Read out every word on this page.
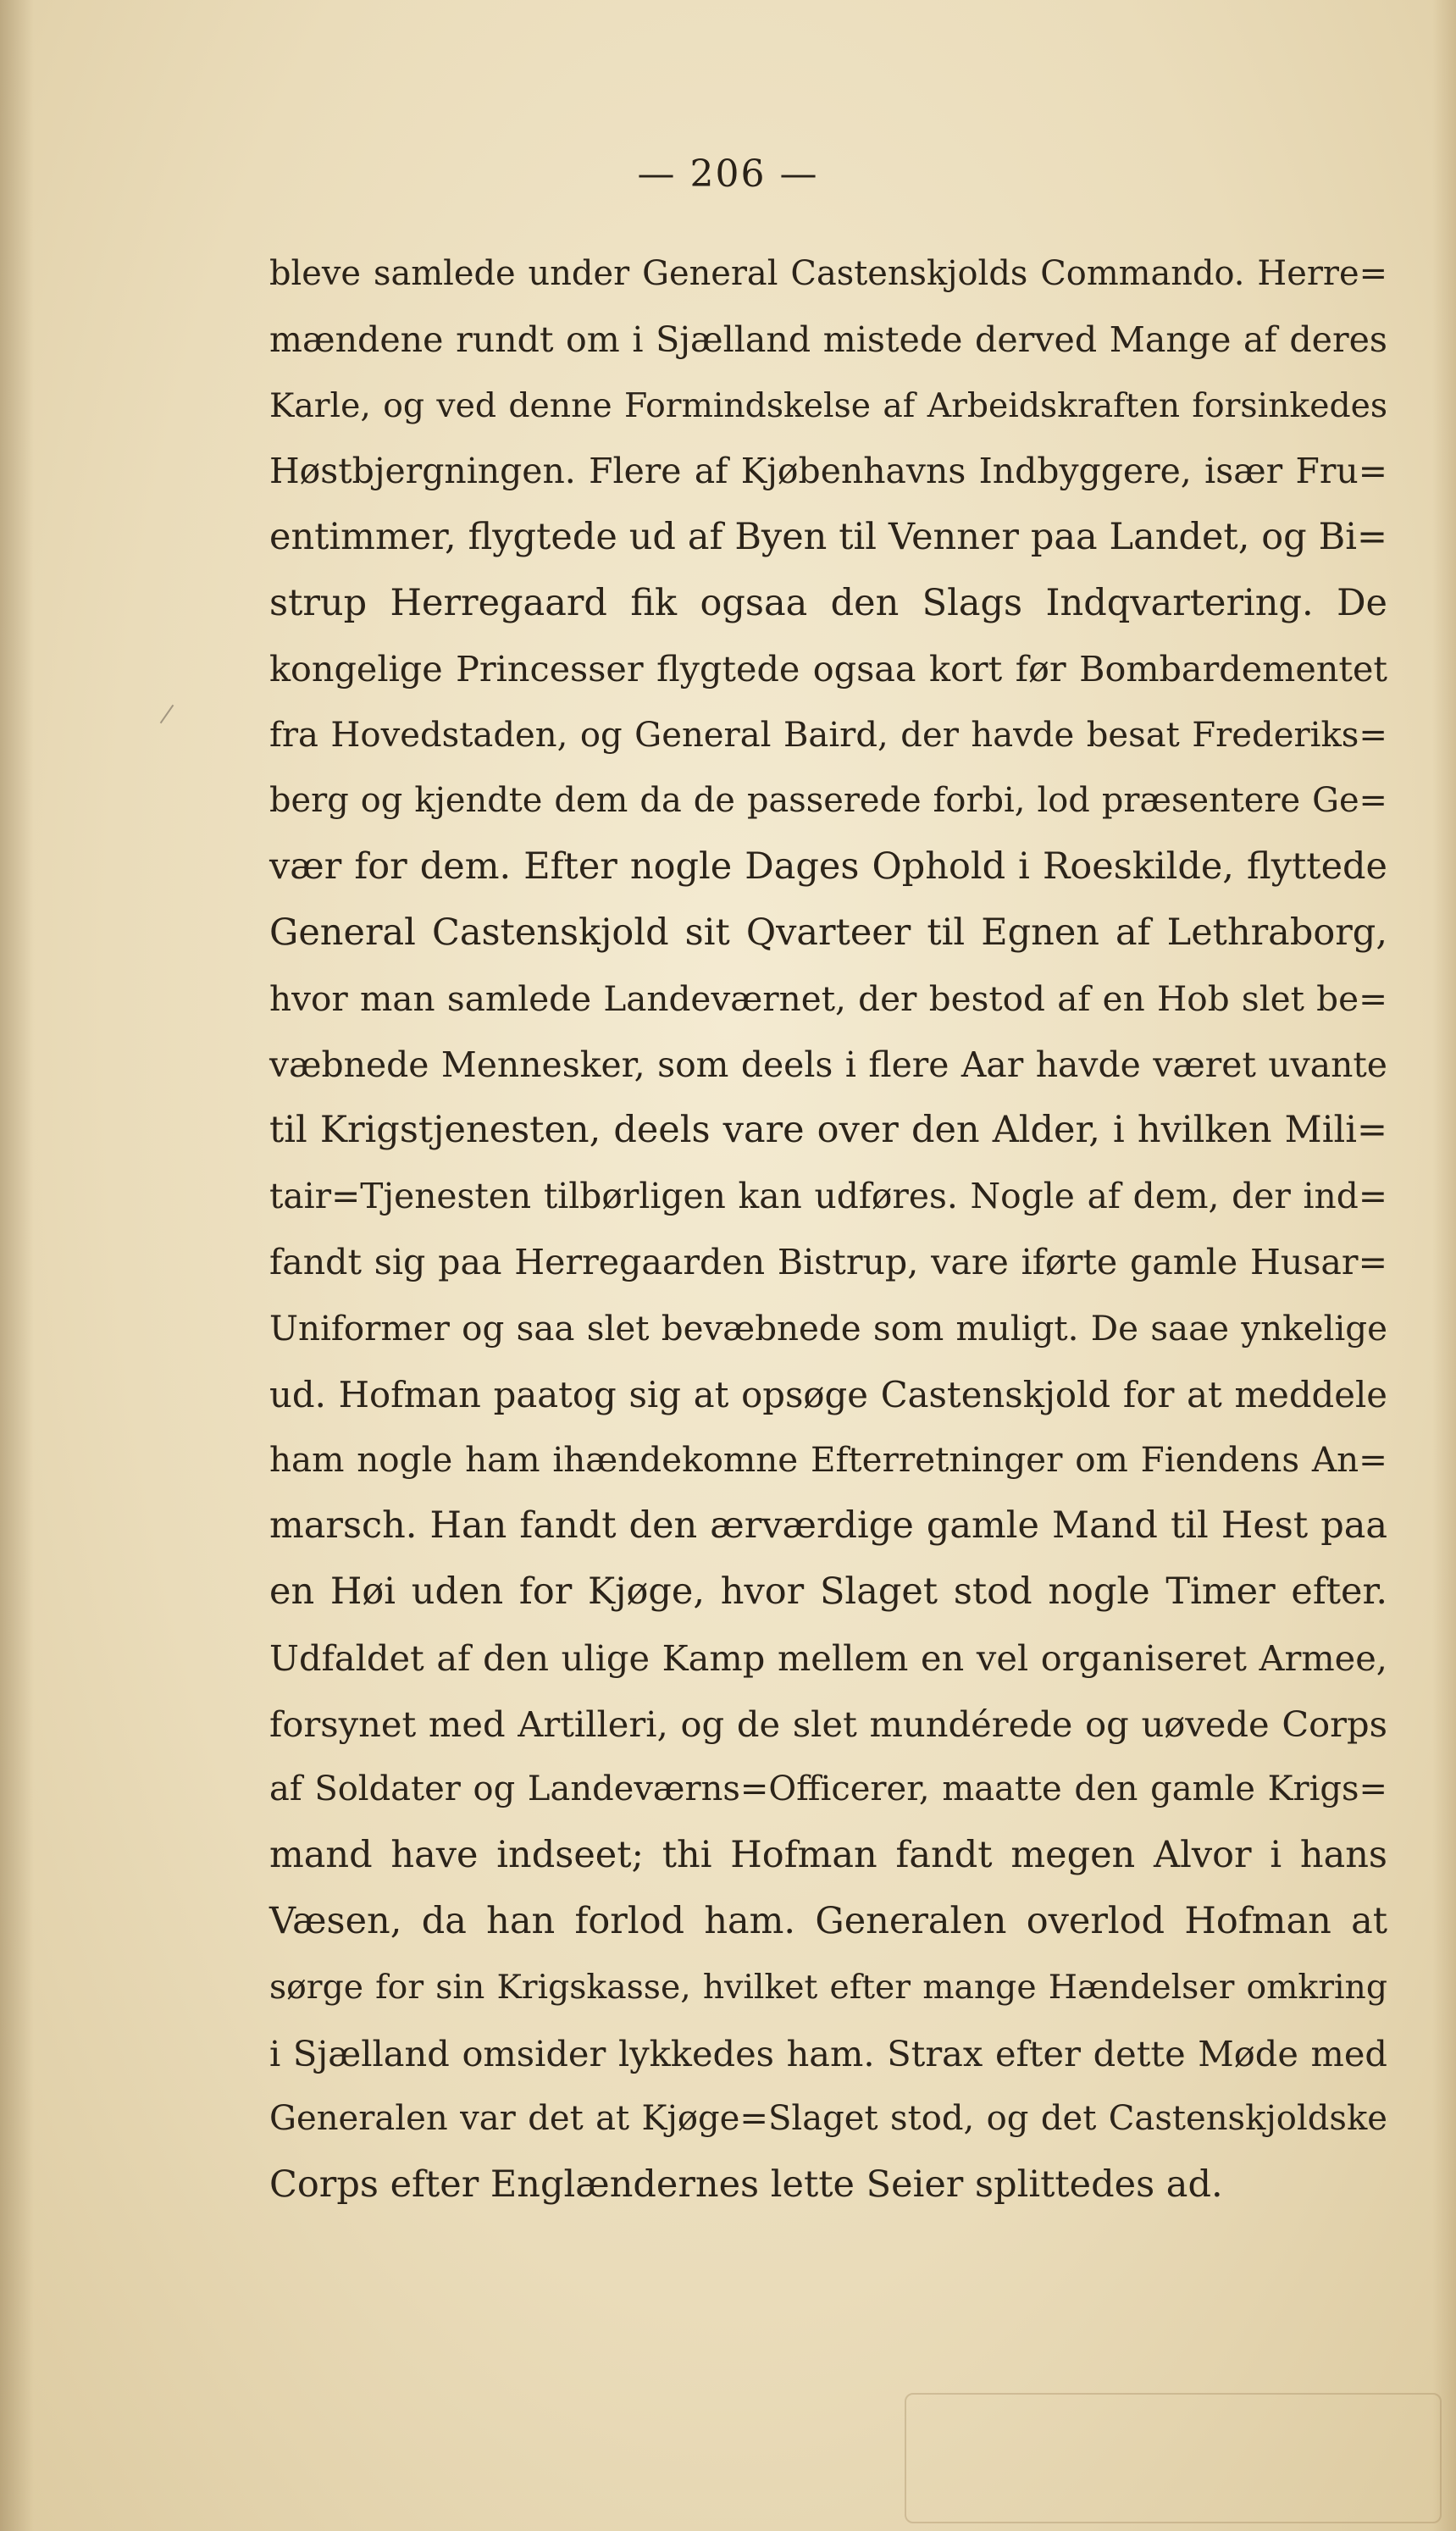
— 206 —
bleve samlede under General Castenskjolds Commando. Herre=
mændene rundt om i Sjælland mistede derved Mange af deres
Karle, og ved denne Formindskelse af Arbeidskraften forsinkedes
Høstbjergningen. Flere af Kjøbenhavns Indbyggere, især Fru=
entimmer, flygtede ud af Byen til Venner paa Landet, og Bi=
strup Herregaard fik ogsaa den Slags Indqvartering. De
kongelige Princesser flygtede ogsaa kort før Bombardementet
fra Hovedstaden, og General Baird, der havde besat Frederiks=
berg og kjendte dem da de passerede forbi, lod præsentere Ge=
vær for dem. Efter nogle Dages Ophold i Roeskilde, flyttede
General Castenskjold sit Qvarteer til Egnen af Lethraborg,
hvor man samlede Landeværnet, der bestod af en Hob slet be=
væbnede Mennesker, som deels i flere Aar havde været uvante
til Krigstjenesten, deels vare over den Alder, i hvilken Mili=
tair=Tjenesten tilbørligen kan udføres. Nogle af dem, der ind=
fandt sig paa Herregaarden Bistrup, vare iførte gamle Husar=
Uniformer og saa slet bevæbnede som muligt. De saae ynkelige
ud. Hofman paatog sig at opsøge Castenskjold for at meddele
ham nogle ham ihændekomne Efterretninger om Fiendens An=
marsch. Han fandt den ærværdige gamle Mand til Hest paa
en Høi uden for Kjøge, hvor Slaget stod nogle Timer efter.
Udfaldet af den ulige Kamp mellem en vel organiseret Armee,
forsynet med Artilleri, og de slet mundérede og uøvede Corps
af Soldater og Landeværns=Officerer, maatte den gamle Krigs=
mand have indseet; thi Hofman fandt megen Alvor i hans
Væsen, da han forlod ham. Generalen overlod Hofman at
sørge for sin Krigskasse, hvilket efter mange Hændelser omkring
i Sjælland omsider lykkedes ham. Strax efter dette Møde med
Generalen var det at Kjøge=Slaget stod, og det Castenskjoldske
Corps efter Englændernes lette Seier splittedes ad.
